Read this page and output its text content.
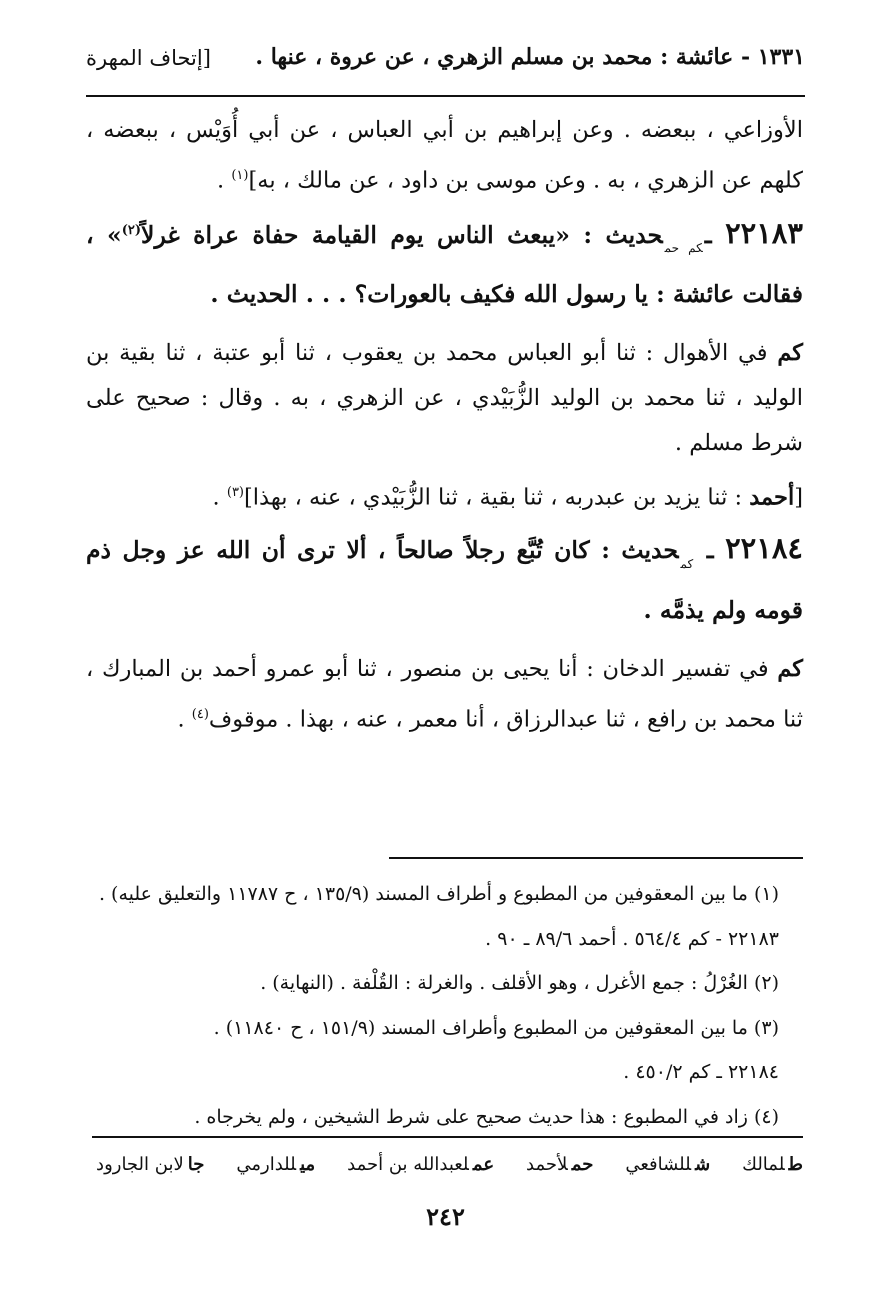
١٣٣١ - عائشة : محمد بن مسلم الزهري ، عن عروة ، عنها .
[إتحاف المهرة

الأوزاعي ، ببعضه . وعن إبراهيم بن أبي العباس ، عن أبي أُوَيْس ، ببعضه ، كلهم عن الزهري ، به . وعن موسى بن داود ، عن مالك ، به]$^{(١)}$ .

٢٢١٨٣ ـ$_{كم حم}$حديث : «يبعث الناس يوم القيامة حفاة عراة غرلاً$^{(٢)}$» ، فقالت عائشة : يا رسول الله فكيف بالعورات؟ . . . الحديث .

كم في الأهوال : ثنا أبو العباس محمد بن يعقوب ، ثنا أبو عتبة ، ثنا بقية بن الوليد ، ثنا محمد بن الوليد الزُّبَيْدي ، عن الزهري ، به . وقال : صحيح على شرط مسلم .

[أحمد : ثنا يزيد بن عبدربه ، ثنا بقية ، ثنا الزُّبَيْدي ، عنه ، بهذا]$^{(٣)}$ .

٢٢١٨٤ ـ $_{كم}$حديث : كان تُبَّع رجلاً صالحاً ، ألا ترى أن الله عز وجل ذم قومه ولم يذمَّه .

كم في تفسير الدخان : أنا يحيى بن منصور ، ثنا أبو عمرو أحمد بن المبارك ، ثنا محمد بن رافع ، ثنا عبدالرزاق ، أنا معمر ، عنه ، بهذا . موقوف$^{(٤)}$ .

(١) ما بين المعقوفين من المطبوع و أطراف المسند (١٣٥/٩ ، ح ١١٧٨٧ والتعليق عليه) .

٢٢١٨٣ - كم ٥٦٤/٤ . أحمد ٨٩/٦ ـ ٩٠ .

(٢) الغُرْلُ : جمع الأغرل ، وهو الأقلف . والغرلة : القُلْفة . (النهاية) .

(٣) ما بين المعقوفين من المطبوع وأطراف المسند (١٥١/٩ ، ح ١١٨٤٠) .

٢٢١٨٤ ـ كم ٤٥٠/٢ .

(٤) زاد في المطبوع : هذا حديث صحيح على شرط الشيخين ، ولم يخرجاه .

طلمالك
شللشافعي
حملأحمد
عملعبدالله بن أحمد
ميللدارمي
جالابن الجارود
٢٤٢
